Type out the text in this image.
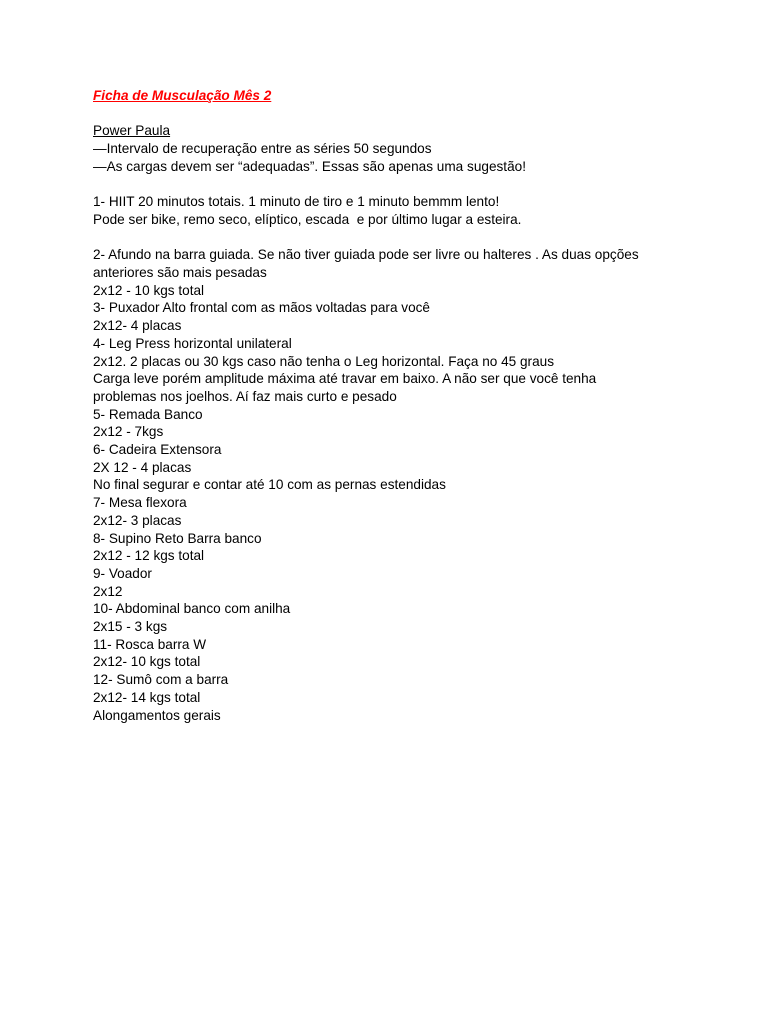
Ficha de Musculação Mês 2
Power Paula
—Intervalo de recuperação entre as séries 50 segundos
—As cargas devem ser “adequadas”. Essas são apenas uma sugestão!
1- HIIT 20 minutos totais. 1 minuto de tiro e 1 minuto bemmm lento!
Pode ser bike, remo seco, elíptico, escada  e por último lugar a esteira.
2- Afundo na barra guiada. Se não tiver guiada pode ser livre ou halteres . As duas opções
anteriores são mais pesadas
2x12 - 10 kgs total
3- Puxador Alto frontal com as mãos voltadas para você
2x12- 4 placas
4- Leg Press horizontal unilateral
2x12. 2 placas ou 30 kgs caso não tenha o Leg horizontal. Faça no 45 graus
Carga leve porém amplitude máxima até travar em baixo. A não ser que você tenha
problemas nos joelhos. Aí faz mais curto e pesado
5- Remada Banco
2x12 - 7kgs
6- Cadeira Extensora
2X 12 - 4 placas
No final segurar e contar até 10 com as pernas estendidas
7- Mesa flexora
2x12- 3 placas
8- Supino Reto Barra banco
2x12 - 12 kgs total
9- Voador
2x12
10- Abdominal banco com anilha
2x15 - 3 kgs
11- Rosca barra W
2x12- 10 kgs total
12- Sumô com a barra
2x12- 14 kgs total
Alongamentos gerais
